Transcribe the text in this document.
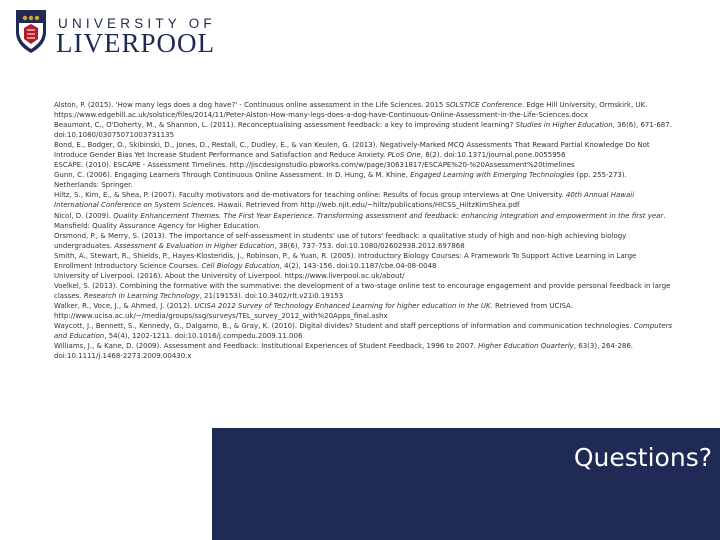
UNIVERSITY OF
LIVERPOOL

Alston, P. (2015). 'How many legs does a dog have?' - Continuous online assessment in the Life Sciences. 2015 SOLSTICE Conference. Edge Hill University, Ormskirk, UK. https://www.edgehill.ac.uk/solstice/files/2014/11/Peter-Alston-How-many-legs-does-a-dog-have-Continuous-Online-Assessment-in-the-Life-Sciences.docx

Beaumont, C., O'Doherty, M., & Shannon, L. (2011). Reconceptualising assessment feedback: a key to improving student learning? Studies in Higher Education, 36(6), 671-687. doi:10.1080/03075071003731135

Bond, E., Bodger, O., Skibinski, D., Jones, D., Restall, C., Dudley, E., & van Keulen, G. (2013). Negatively-Marked MCQ Assessments That Reward Partial Knowledge Do Not Introduce Gender Bias Yet Increase Student Performance and Satisfaction and Reduce Anxiety. PLoS One, 8(2). doi:10.1371/journal.pone.0055956

ESCAPE. (2010). ESCAPE - Assessment Timelines. http://jiscdesignstudio.pbworks.com/w/page/30631817/ESCAPE%20-%20Assessment%20timelines

Gunn, C. (2006). Engaging Learners Through Continuous Online Assessment. In D. Hung, & M. Khine, Engaged Learning with Emerging Technologies (pp. 255-273). Netherlands: Springer.

Hiltz, S., Kim, E., & Shea, P. (2007). Faculty motivators and de-motivators for teaching online: Results of focus group interviews at One University. 40th Annual Hawaii International Conference on System Sciences. Hawaii. Retrieved from http://web.njit.edu/~hiltz/publications/HICSS_HiltzKimShea.pdf

Nicol, D. (2009). Quality Enhancement Themes. The First Year Experience. Transforming assessment and feedback: enhancing integration and empowerment in the first year. Mansfield: Quality Assurance Agency for Higher Education.

Orsmond, P., & Merry, S. (2013). The importance of self-assessment in students' use of tutors' feedback: a qualitative study of high and non-high achieving biology undergraduates. Assessment & Evaluation in Higher Education, 38(6), 737-753. doi:10.1080/02602938.2012.697868

Smith, A., Stewart, R., Shields, P., Hayes-Klosteridis, J., Robinson, P., & Yuan, R. (2005). Introductory Biology Courses: A Framework To Support Active Learning in Large Enrollment Introductory Science Courses. Cell Biology Education, 4(2), 143-156. doi:10.1187/cbe.04-08-0048

University of Liverpool. (2016). About the University of Liverpool. https://www.liverpool.ac.uk/about/

Voelkel, S. (2013). Combining the formative with the summative: the development of a two-stage online test to encourage engagement and provide personal feedback in large classes. Research in Learning Technology, 21(19153). doi:10.3402/rlt.v21i0.19153

Walker, R., Voce, J., & Ahmed, J. (2012). UCISA 2012 Survey of Technology Enhanced Learning for higher education in the UK. Retrieved from UCISA. http://www.ucisa.ac.uk/~/media/groups/ssg/surveys/TEL_survey_2012_with%20Apps_final.ashx

Waycott, J., Bennett, S., Kennedy, G., Dalgarno, B., & Gray, K. (2010). Digital divides? Student and staff perceptions of information and communication technologies. Computers and Education, 54(4), 1202-1211. doi:10.1016/j.compedu.2009.11.006

Williams, J., & Kane, D. (2009). Assessment and Feedback: Institutional Experiences of Student Feedback, 1996 to 2007. Higher Education Quarterly, 63(3), 264-286. doi:10.1111/j.1468-2273.2009.00430.x

Questions?
